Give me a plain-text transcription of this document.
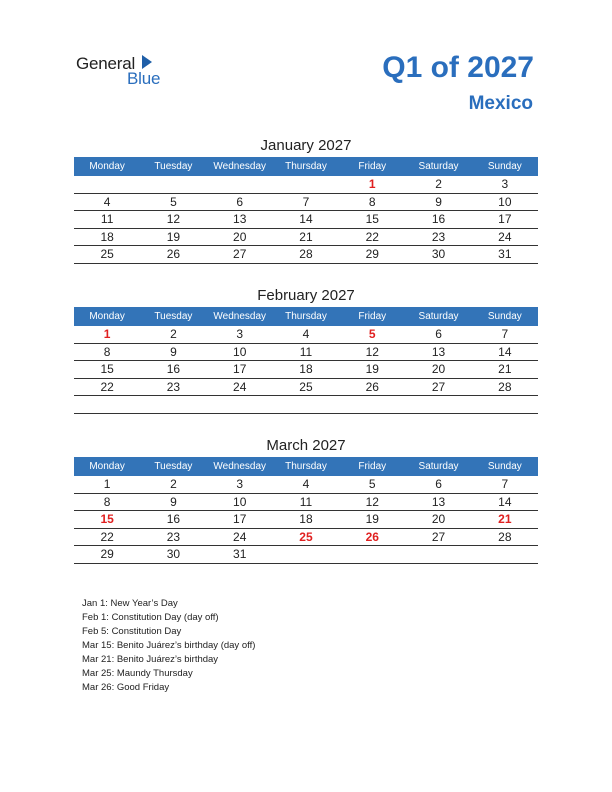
General
Blue	Q1 of 2027
Mexico
January 2027
Monday	Tuesday	Wednesday	Thursday	Friday	Saturday	Sunday
				1	2	3
4	5	6	7	8	9	10
11	12	13	14	15	16	17
18	19	20	21	22	23	24
25	26	27	28	29	30	31
February 2027
Monday	Tuesday	Wednesday	Thursday	Friday	Saturday	Sunday
1	2	3	4	5	6	7
8	9	10	11	12	13	14
15	16	17	18	19	20	21
22	23	24	25	26	27	28

March 2027
Monday	Tuesday	Wednesday	Thursday	Friday	Saturday	Sunday
1	2	3	4	5	6	7
8	9	10	11	12	13	14
15	16	17	18	19	20	21
22	23	24	25	26	27	28
29	30	31				
Jan 1: New Year’s Day
Feb 1: Constitution Day (day off)
Feb 5: Constitution Day
Mar 15: Benito Juárez’s birthday (day off)
Mar 21: Benito Juárez’s birthday
Mar 25: Maundy Thursday
Mar 26: Good Friday
